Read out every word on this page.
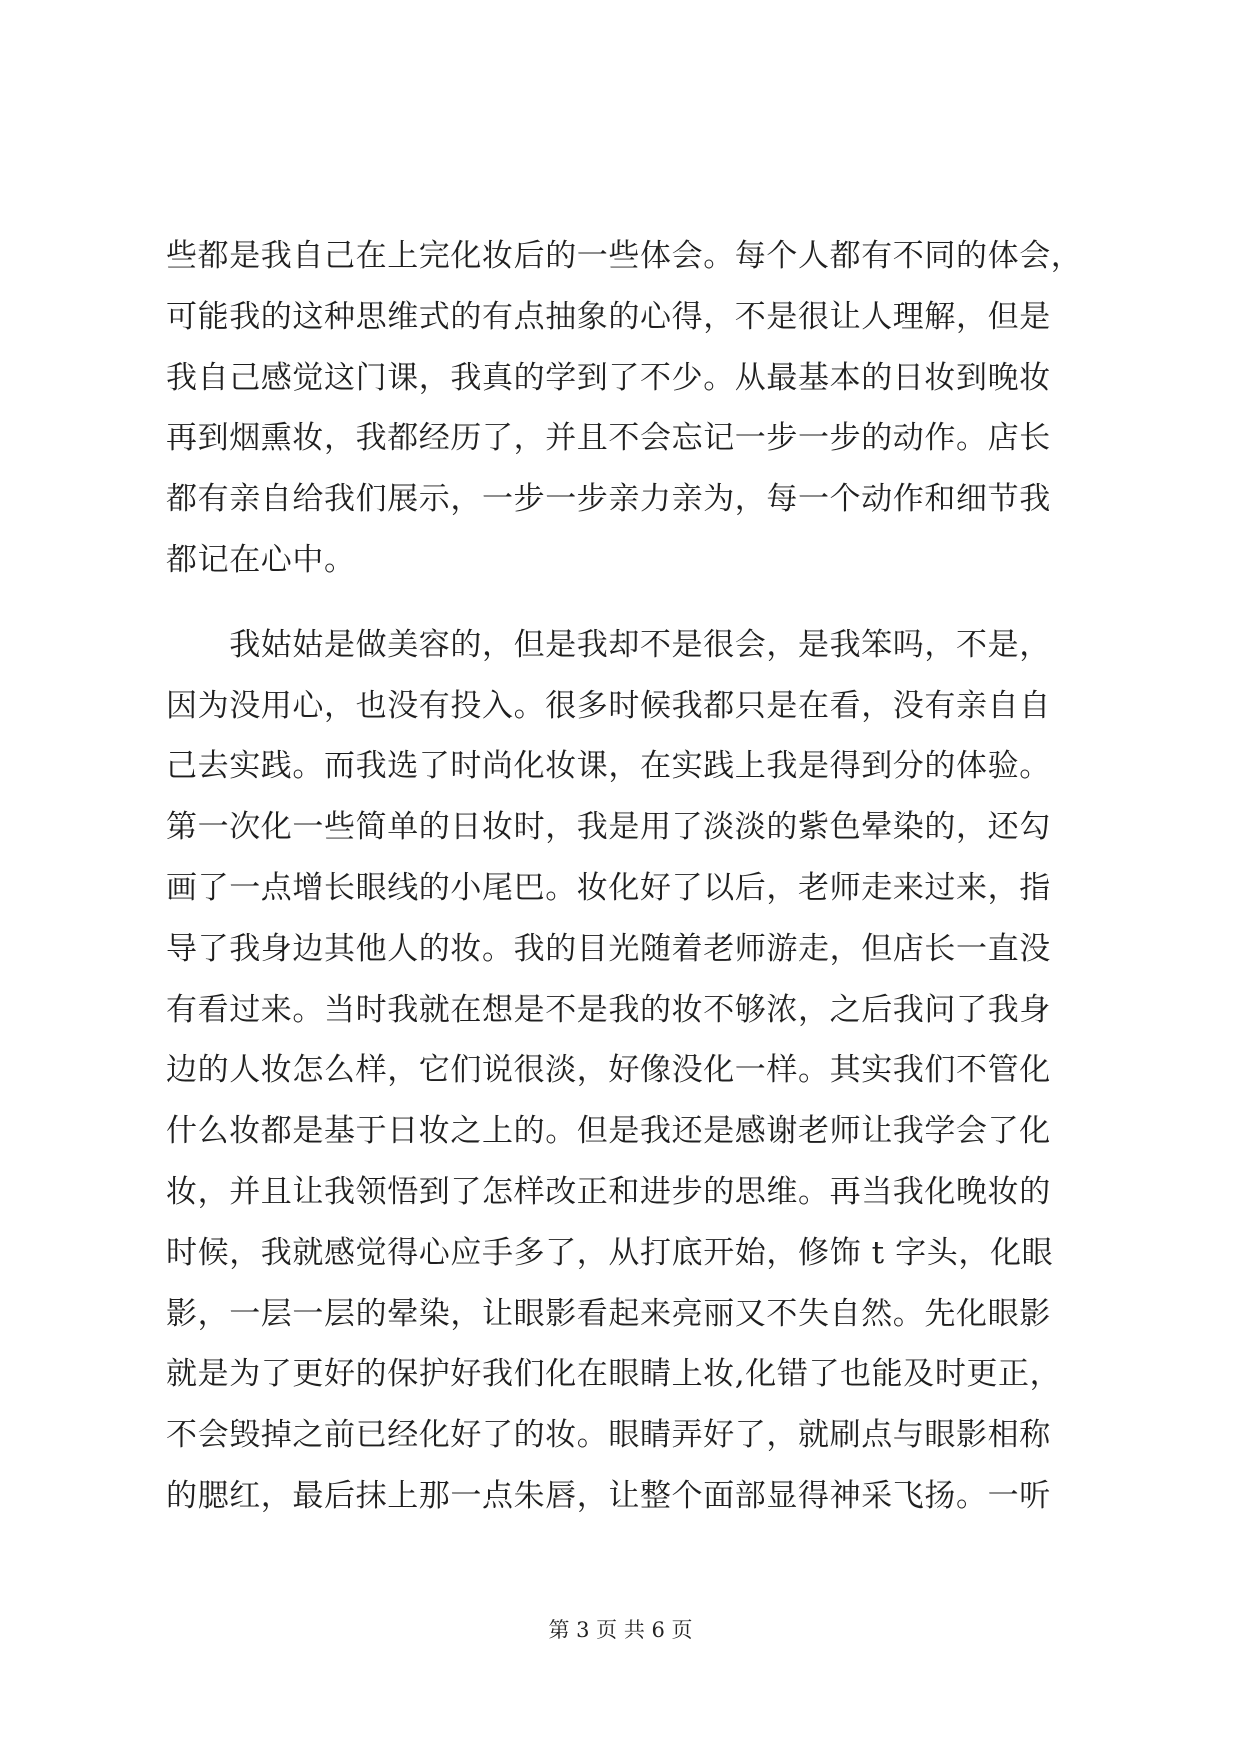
些都是我自己在上完化妆后的一些体会。每个人都有不同的体会，
可能我的这种思维式的有点抽象的心得，不是很让人理解，但是
我自己感觉这门课，我真的学到了不少。从最基本的日妆到晚妆
再到烟熏妆，我都经历了，并且不会忘记一步一步的动作。店长
都有亲自给我们展示，一步一步亲力亲为，每一个动作和细节我
都记在心中。
　　我姑姑是做美容的，但是我却不是很会，是我笨吗，不是，
因为没用心，也没有投入。很多时候我都只是在看，没有亲自自
己去实践。而我选了时尚化妆课，在实践上我是得到分的体验。
第一次化一些简单的日妆时，我是用了淡淡的紫色晕染的，还勾
画了一点增长眼线的小尾巴。妆化好了以后，老师走来过来，指
导了我身边其他人的妆。我的目光随着老师游走，但店长一直没
有看过来。当时我就在想是不是我的妆不够浓，之后我问了我身
边的人妆怎么样，它们说很淡，好像没化一样。其实我们不管化
什么妆都是基于日妆之上的。但是我还是感谢老师让我学会了化
妆，并且让我领悟到了怎样改正和进步的思维。再当我化晚妆的
时候，我就感觉得心应手多了，从打底开始，修饰 t 字头，化眼
影，一层一层的晕染，让眼影看起来亮丽又不失自然。先化眼影
就是为了更好的保护好我们化在眼睛上妆,化错了也能及时更正，
不会毁掉之前已经化好了的妆。眼睛弄好了，就刷点与眼影相称
的腮红，最后抹上那一点朱唇，让整个面部显得神采飞扬。一听
第 3 页 共 6 页
